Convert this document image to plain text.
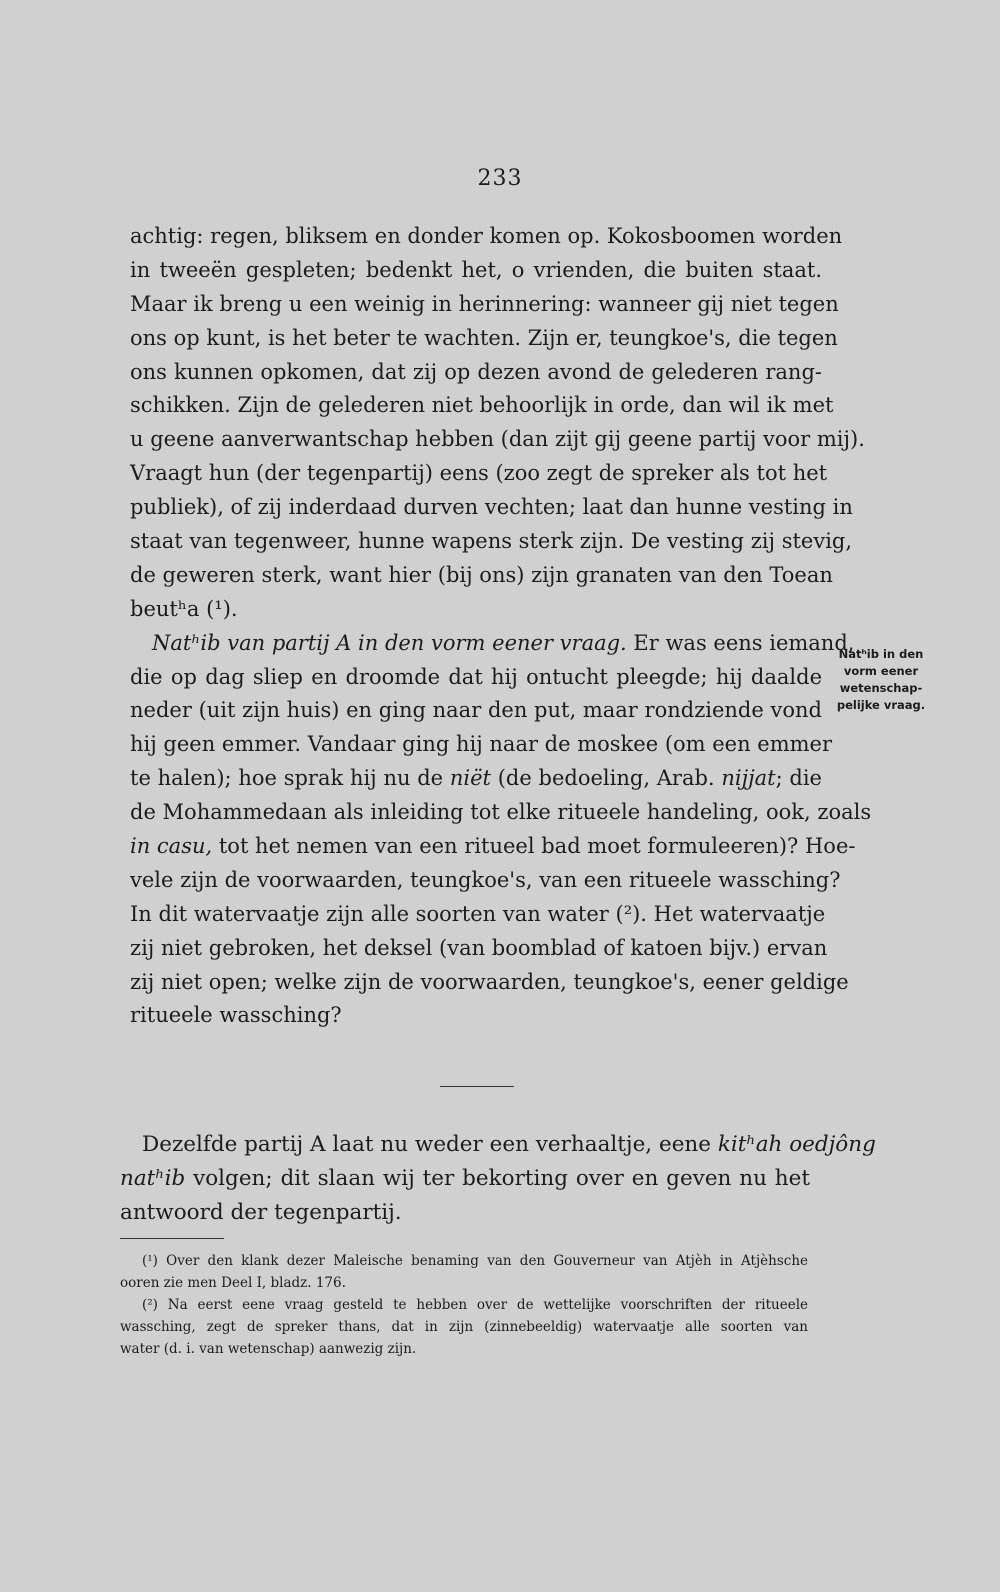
233
achtig: regen, bliksem en donder komen op. Kokosboomen worden
in tweeën gespleten; bedenkt het, o vrienden, die buiten staat.
Maar ik breng u een weinig in herinnering: wanneer gij niet tegen
ons op kunt, is het beter te wachten. Zijn er, teungkoe's, die tegen
ons kunnen opkomen, dat zij op dezen avond de gelederen rang-
schikken. Zijn de gelederen niet behoorlijk in orde, dan wil ik met
u geene aanverwantschap hebben (dan zijt gij geene partij voor mij).
Vraagt hun (der tegenpartij) eens (zoo zegt de spreker als tot het
publiek), of zij inderdaad durven vechten; laat dan hunne vesting in
staat van tegenweer, hunne wapens sterk zijn. De vesting zij stevig,
de geweren sterk, want hier (bij ons) zijn granaten van den Toean
beutʰa (¹).
Natʰib van partij A in den vorm eener vraag. Er was eens iemand,
die op dag sliep en droomde dat hij ontucht pleegde; hij daalde
neder (uit zijn huis) en ging naar den put, maar rondziende vond
hij geen emmer. Vandaar ging hij naar de moskee (om een emmer
te halen); hoe sprak hij nu de niët (de bedoeling, Arab. nijjat; die
de Mohammedaan als inleiding tot elke ritueele handeling, ook, zoals
in casu, tot het nemen van een ritueel bad moet formuleeren)? Hoe-
vele zijn de voorwaarden, teungkoe's, van een ritueele wassching?
In dit watervaatje zijn alle soorten van water (²). Het watervaatje
zij niet gebroken, het deksel (van boomblad of katoen bijv.) ervan
zij niet open; welke zijn de voorwaarden, teungkoe's, eener geldige
ritueele wassching?
Natʰib in den
vorm eener
wetenschap-
pelijke vraag.
Dezelfde partij A laat nu weder een verhaaltje, eene kitʰah oedjông
natʰib volgen; dit slaan wij ter bekorting over en geven nu het
antwoord der tegenpartij.
(¹) Over den klank dezer Maleische benaming van den Gouverneur van Atjèh in Atjèhsche
ooren zie men Deel I, bladz. 176.
(²) Na eerst eene vraag gesteld te hebben over de wettelijke voorschriften der ritueele
wassching, zegt de spreker thans, dat in zijn (zinnebeeldig) watervaatje alle soorten van
water (d. i. van wetenschap) aanwezig zijn.
